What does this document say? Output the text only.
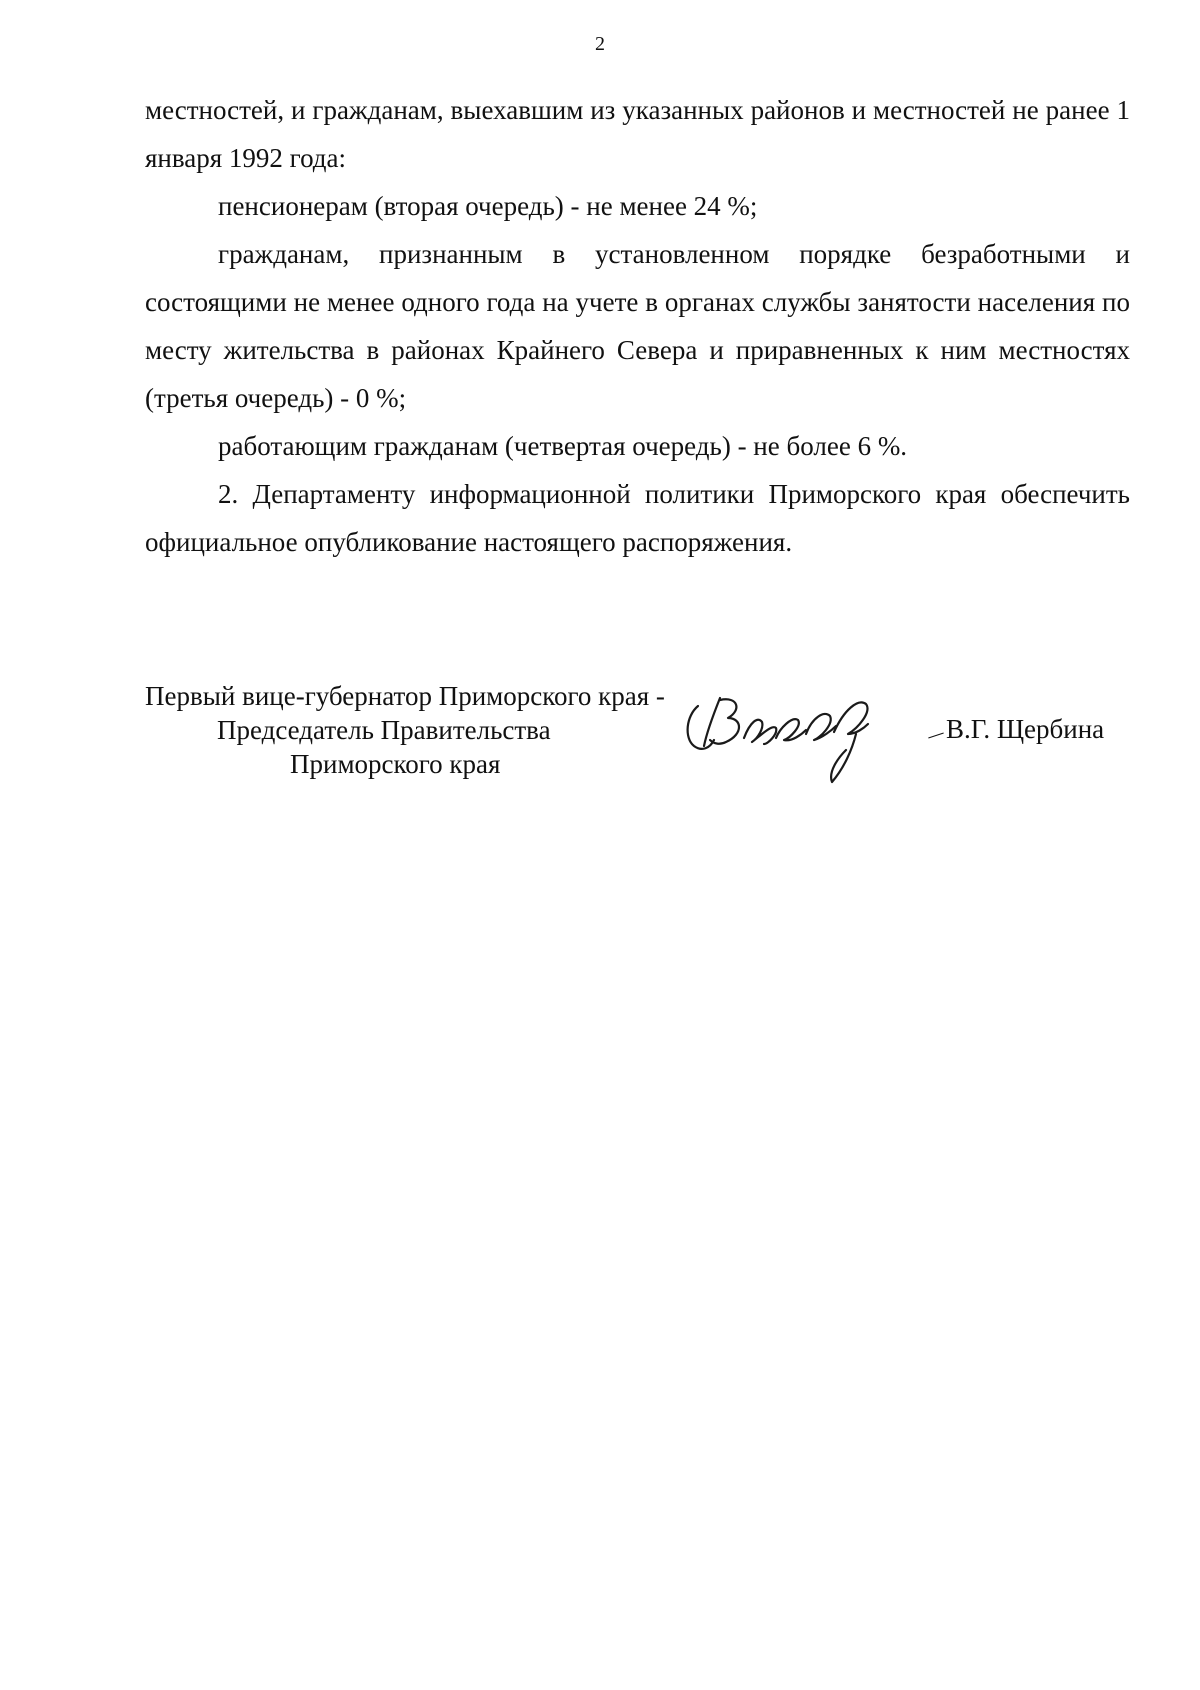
2

местностей, и гражданам, выехавшим из указанных районов и местностей не ранее 1 января 1992 года:

пенсионерам (вторая очередь) - не менее 24 %;

гражданам, признанным в установленном порядке безработными и состоящими не менее одного года на учете в органах службы занятости населения по месту жительства в районах Крайнего Севера и приравненных к ним местностях (третья очередь) - 0 %;

работающим гражданам (четвертая очередь) - не более 6 %.

2. Департаменту информационной политики Приморского края обеспечить официальное опубликование настоящего распоряжения.

Первый вице-губернатор Приморского края -
Председатель Правительства
Приморского края
В.Г. Щербина
